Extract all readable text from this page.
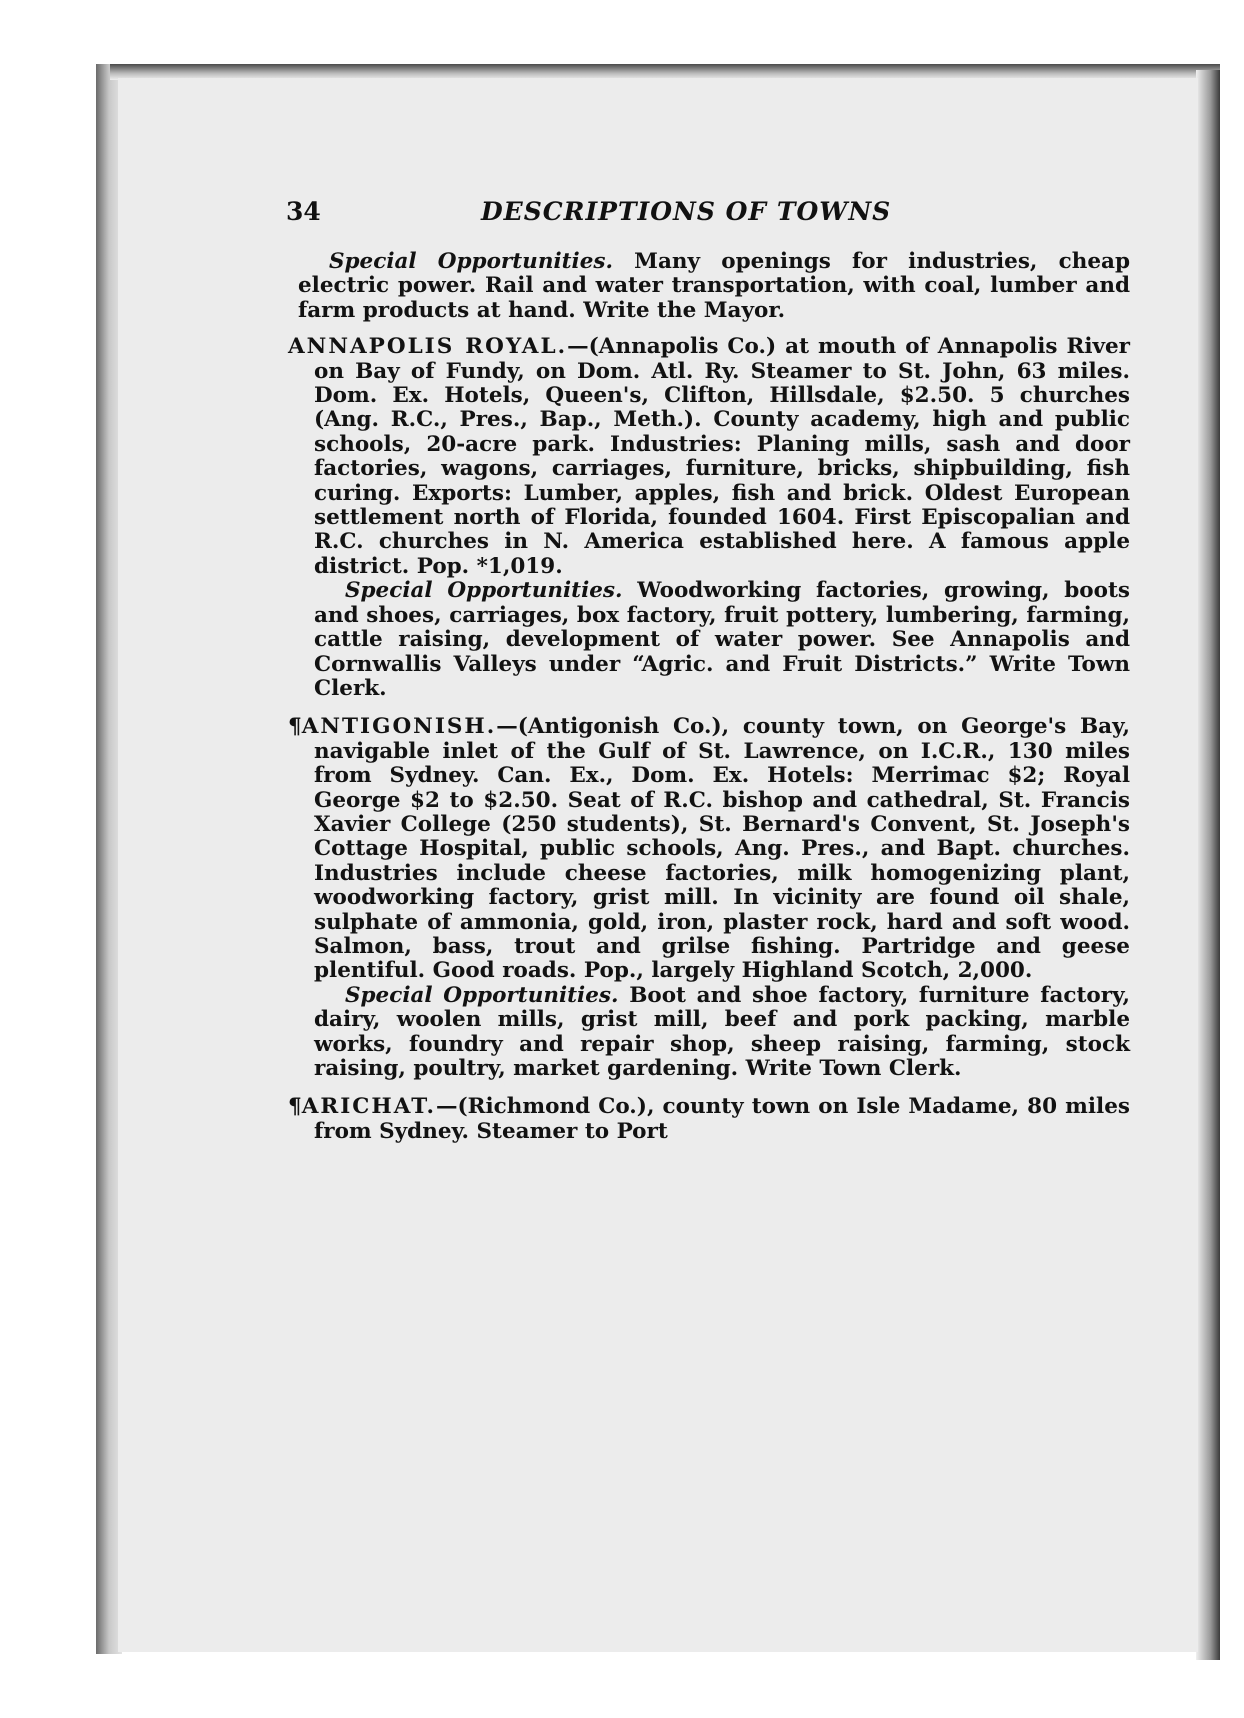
34	DESCRIPTIONS OF TOWNS

Special Opportunities. Many openings for industries, cheap electric power. Rail and water transportation, with coal, lumber and farm products at hand. Write the Mayor.

ANNAPOLIS ROYAL.—(Annapolis Co.) at mouth of Annapolis River on Bay of Fundy, on Dom. Atl. Ry. Steamer to St. John, 63 miles. Dom. Ex. Hotels, Queen's, Clifton, Hillsdale, $2.50. 5 churches (Ang. R.C., Pres., Bap., Meth.). County academy, high and public schools, 20-acre park. Industries: Planing mills, sash and door factories, wagons, carriages, furniture, bricks, shipbuilding, fish curing. Exports: Lumber, apples, fish and brick. Oldest European settlement north of Florida, founded 1604. First Episcopalian and R.C. churches in N. America established here. A famous apple district. Pop. *1,019.

Special Opportunities. Woodworking factories, growing, boots and shoes, carriages, box factory, fruit pottery, lumbering, farming, cattle raising, development of water power. See Annapolis and Cornwallis Valleys under “Agric. and Fruit Districts.” Write Town Clerk.

¶ANTIGONISH.—(Antigonish Co.), county town, on George's Bay, navigable inlet of the Gulf of St. Lawrence, on I.C.R., 130 miles from Sydney. Can. Ex., Dom. Ex. Hotels: Merrimac $2; Royal George $2 to $2.50. Seat of R.C. bishop and cathedral, St. Francis Xavier College (250 students), St. Bernard's Convent, St. Joseph's Cottage Hospital, public schools, Ang. Pres., and Bapt. churches. Industries include cheese factories, milk homogenizing plant, woodworking factory, grist mill. In vicinity are found oil shale, sulphate of ammonia, gold, iron, plaster rock, hard and soft wood. Salmon, bass, trout and grilse fishing. Partridge and geese plentiful. Good roads. Pop., largely Highland Scotch, 2,000.

Special Opportunities. Boot and shoe factory, furniture factory, dairy, woolen mills, grist mill, beef and pork packing, marble works, foundry and repair shop, sheep raising, farming, stock raising, poultry, market gardening. Write Town Clerk.

¶ARICHAT.—(Richmond Co.), county town on Isle Madame, 80 miles from Sydney. Steamer to Port
